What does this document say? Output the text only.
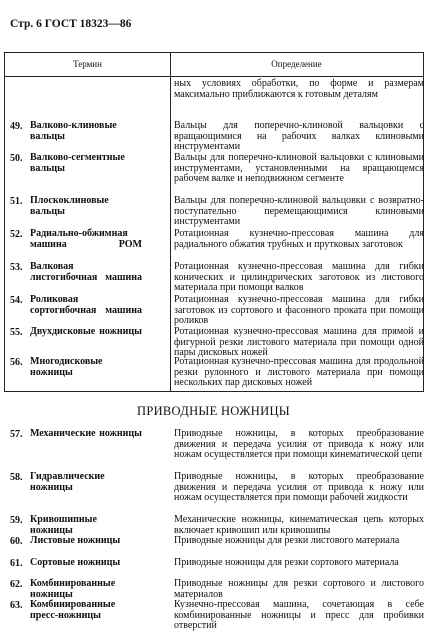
Стр. 6 ГОСТ 18323—86
Термин	Определение
ных условиях обработки, по форме и размерам максимально приближаются к готовым деталям
49. Валково-клиновые вальцы
Вальцы для поперечно-клиновой вальцовки с вращающимися на рабочих валках клиновыми инструментами
50. Валково-сегментные вальцы
Вальцы для поперечно-клиновой вальцовки с клиновыми инструментами, установленными на вращающемся рабочем валке и неподвижном сегменте
51. Плоскоклиновые вальцы
Вальцы для поперечно-клиновой вальцовки с возвратно-поступательно перемещающимися клиновыми инструментами
52. Радиально-обжимная машина РОМ
Ротационная кузнечно-прессовая машина для радиального обжатия трубных и прутковых заготовок
53. Валковая листогибочная машина
Ротационная кузнечно-прессовая машина для гибки конических и цилиндрических заготовок из листового материала при помощи валков
54. Роликовая сортогибочная машина
Ротационная кузнечно-прессовая машина для гибки заготовок из сортового и фасонного проката при помощи роликов
55. Двухдисковые ножницы	Ротационная кузнечно-прессовая машина для прямой и фигурной резки листового материала при помощи одной пары дисковых ножей
56. Многодисковые ножницы
Ротационная кузнечно-прессовая машина для продольной резки рулонного и листового материала при помощи нескольких пар дисковых ножей
ПРИВОДНЫЕ НОЖНИЦЫ
57. Механические ножницы	Приводные ножницы, в которых преобразование движения и передача усилия от привода к ножу или ножам осуществляется при помощи кинематической цепи
58. Гидравлические ножницы
Приводные ножницы, в которых преобразование движения и передача усилия от привода к ножу или ножам осуществляется при помощи рабочей жидкости
59. Кривошипные ножницы
Механические ножницы, кинематическая цепь которых включает кривошип или кривошипы
60. Листовые ножницы	Приводные ножницы для резки листового материала
61. Сортовые ножницы	Приводные ножницы для резки сортового материала
62. Комбинированные ножницы
Приводные ножницы для резки сортового и листового материалов
63. Комбинированные пресс-ножницы
Кузнечно-прессовая машина, сочетающая в себе комбинированные ножницы и пресс для пробивки отверстий
